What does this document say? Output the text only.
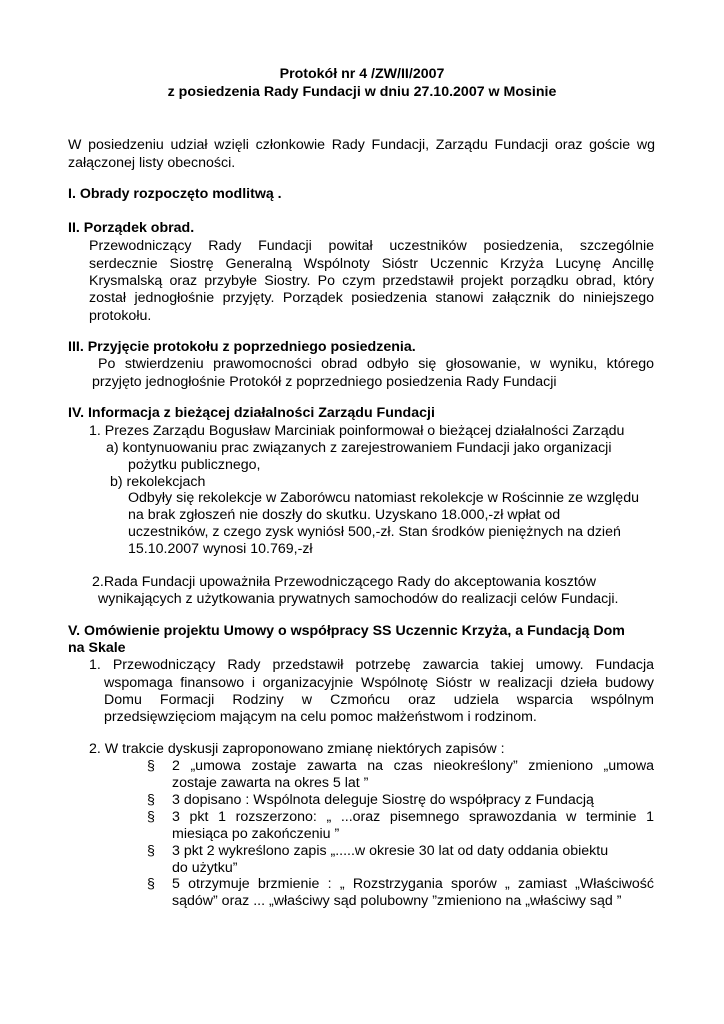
Protokół nr 4 /ZW/II/2007
z posiedzenia Rady Fundacji w dniu 27.10.2007 w Mosinie
W posiedzeniu udział wzięli członkowie Rady Fundacji, Zarządu Fundacji oraz goście wg
załączonej listy obecności.
I. Obrady rozpoczęto modlitwą .
II. Porządek obrad.
Przewodniczący Rady Fundacji powitał uczestników posiedzenia, szczególnie
serdecznie Siostrę Generalną Wspólnoty Sióstr Uczennic Krzyża Lucynę Ancillę
Krysmalską oraz przybyłe Siostry. Po czym przedstawił projekt porządku obrad, który
został jednogłośnie przyjęty. Porządek posiedzenia stanowi załącznik do niniejszego
protokołu.
III. Przyjęcie protokołu z poprzedniego posiedzenia.
Po stwierdzeniu prawomocności obrad odbyło się głosowanie, w wyniku, którego
przyjęto jednogłośnie Protokół z poprzedniego posiedzenia Rady Fundacji
IV. Informacja z bieżącej działalności Zarządu Fundacji
1. Prezes Zarządu Bogusław Marciniak poinformował o bieżącej działalności Zarządu
a) kontynuowaniu prac związanych z zarejestrowaniem Fundacji jako organizacji
pożytku publicznego,
b) rekolekcjach
Odbyły się rekolekcje w Zaborówcu natomiast rekolekcje w Rościnnie ze względu
na brak zgłoszeń nie doszły do skutku. Uzyskano 18.000,-zł wpłat od
uczestników, z czego zysk wyniósł 500,-zł. Stan środków pieniężnych na dzień
15.10.2007 wynosi 10.769,-zł
2.Rada Fundacji upoważniła Przewodniczącego Rady do akceptowania kosztów
wynikających z użytkowania prywatnych samochodów do realizacji celów Fundacji.
V. Omówienie projektu Umowy o współpracy SS Uczennic Krzyża, a Fundacją Dom
na Skale
1. Przewodniczący Rady przedstawił potrzebę zawarcia takiej umowy. Fundacja
wspomaga finansowo i organizacyjnie Wspólnotę Sióstr w realizacji dzieła budowy
Domu Formacji Rodziny w Czmońcu oraz udziela wsparcia wspólnym
przedsięwzięciom mającym na celu pomoc małżeństwom i rodzinom.
2. W trakcie dyskusji zaproponowano zmianę niektórych zapisów :
§	2 „umowa zostaje zawarta na czas nieokreślony” zmieniono „umowa
zostaje zawarta na okres 5 lat ”
§	3 dopisano : Wspólnota deleguje Siostrę do współpracy z Fundacją
§	3 pkt 1 rozszerzono: „ ...oraz pisemnego sprawozdania w terminie 1
miesiąca po zakończeniu ”
§	3 pkt 2 wykreślono zapis „.....w okresie 30 lat od daty oddania obiektu
do użytku”
§	5 otrzymuje brzmienie : „ Rozstrzygania sporów „ zamiast „Właściwość
sądów” oraz ... „właściwy sąd polubowny ”zmieniono na „właściwy sąd ”
